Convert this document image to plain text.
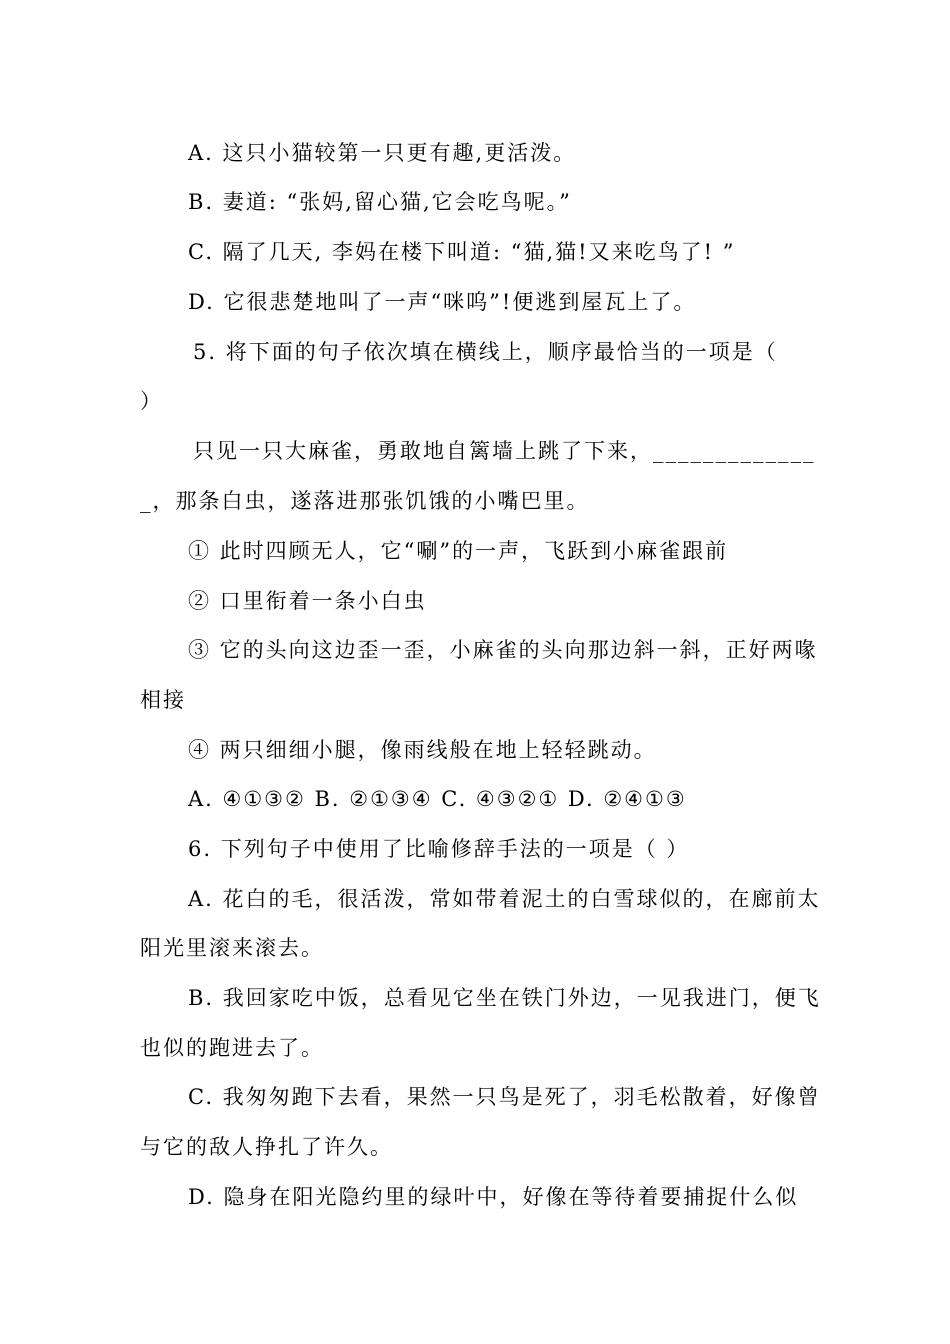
A. 这只小猫较第一只更有趣,更活泼。
B. 妻道: “张妈,留心猫,它会吃鸟呢。”
C. 隔了几天, 李妈在楼下叫道: “猫,猫!又来吃鸟了! ”
D. 它很悲楚地叫了一声“咪呜”!便逃到屋瓦上了。
5. 将下面的句子依次填在横线上，顺序最恰当的一项是（
）
只见一只大麻雀，勇敢地自篱墙上跳了下来，_____________
_，那条白虫，遂落进那张饥饿的小嘴巴里。
① 此时四顾无人，它“唰”的一声，飞跃到小麻雀跟前
② 口里衔着一条小白虫
③ 它的头向这边歪一歪，小麻雀的头向那边斜一斜，正好两喙
相接
④ 两只细细小腿，像雨线般在地上轻轻跳动。
A. ④①③② B. ②①③④ C. ④③②① D. ②④①③
6. 下列句子中使用了比喻修辞手法的一项是（ ）
A. 花白的毛，很活泼，常如带着泥土的白雪球似的，在廊前太
阳光里滚来滚去。
B. 我回家吃中饭，总看见它坐在铁门外边，一见我进门，便飞
也似的跑进去了。
C. 我匆匆跑下去看，果然一只鸟是死了，羽毛松散着，好像曾
与它的敌人挣扎了许久。
D. 隐身在阳光隐约里的绿叶中，好像在等待着要捕捉什么似
